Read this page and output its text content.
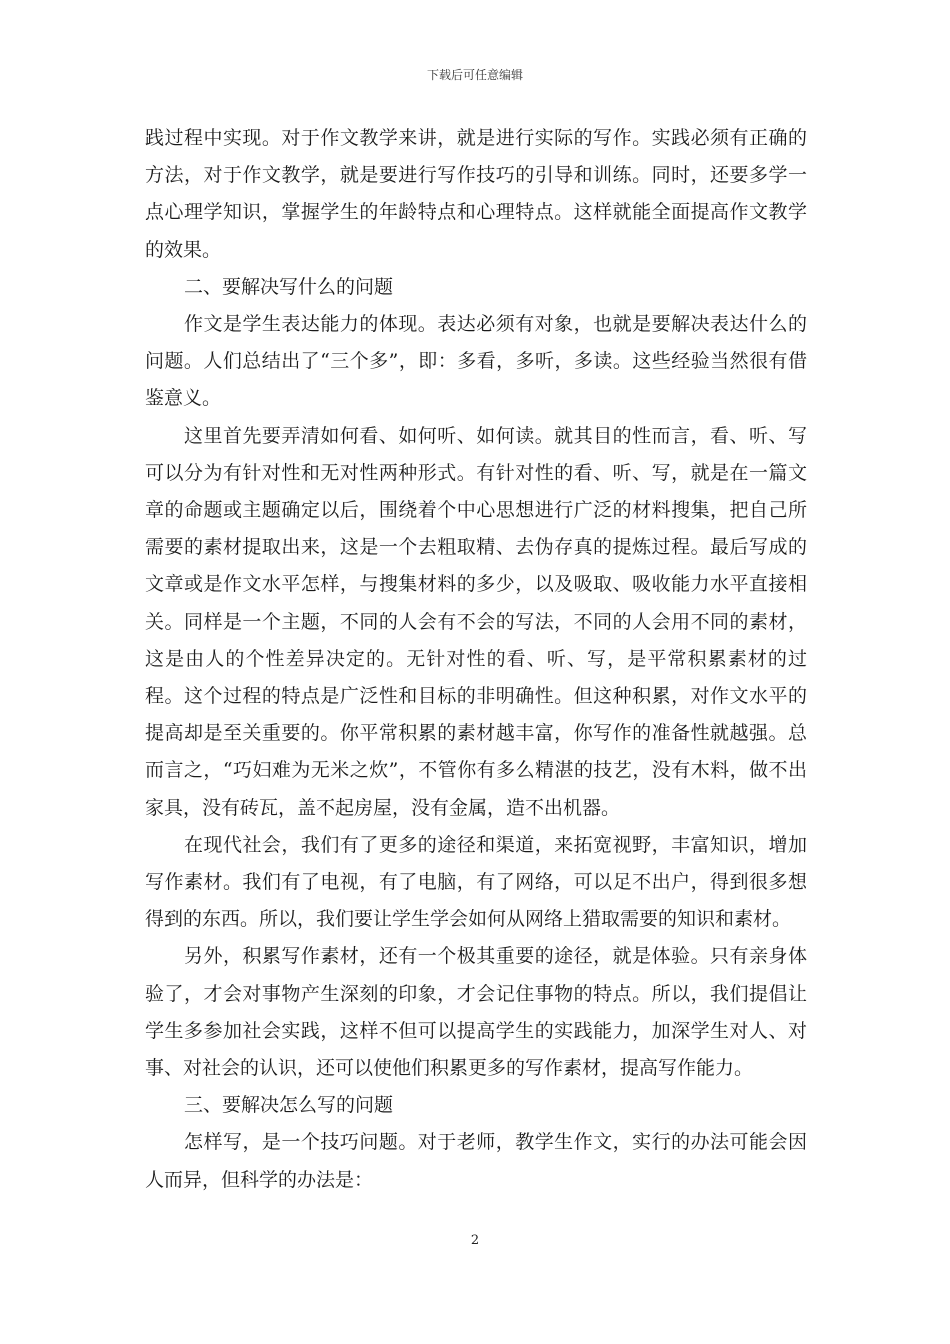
下载后可任意编辑

践过程中实现。对于作文教学来讲，就是进行实际的写作。实践必须有正确的方法，对于作文教学，就是要进行写作技巧的引导和训练。同时，还要多学一点心理学知识，掌握学生的年龄特点和心理特点。这样就能全面提高作文教学的效果。

二、要解决写什么的问题

作文是学生表达能力的体现。表达必须有对象，也就是要解决表达什么的问题。人们总结出了“三个多”，即：多看，多听，多读。这些经验当然很有借鉴意义。

这里首先要弄清如何看、如何听、如何读。就其目的性而言，看、听、写可以分为有针对性和无对性两种形式。有针对性的看、听、写，就是在一篇文章的命题或主题确定以后，围绕着个中心思想进行广泛的材料搜集，把自己所需要的素材提取出来，这是一个去粗取精、去伪存真的提炼过程。最后写成的文章或是作文水平怎样，与搜集材料的多少，以及吸取、吸收能力水平直接相关。同样是一个主题，不同的人会有不会的写法，不同的人会用不同的素材，这是由人的个性差异决定的。无针对性的看、听、写，是平常积累素材的过程。这个过程的特点是广泛性和目标的非明确性。但这种积累，对作文水平的提高却是至关重要的。你平常积累的素材越丰富，你写作的准备性就越强。总而言之，“巧妇难为无米之炊”，不管你有多么精湛的技艺，没有木料，做不出家具，没有砖瓦，盖不起房屋，没有金属，造不出机器。

在现代社会，我们有了更多的途径和渠道，来拓宽视野，丰富知识，增加写作素材。我们有了电视，有了电脑，有了网络，可以足不出户，得到很多想得到的东西。所以，我们要让学生学会如何从网络上猎取需要的知识和素材。

另外，积累写作素材，还有一个极其重要的途径，就是体验。只有亲身体验了，才会对事物产生深刻的印象，才会记住事物的特点。所以，我们提倡让学生多参加社会实践，这样不但可以提高学生的实践能力，加深学生对人、对事、对社会的认识，还可以使他们积累更多的写作素材，提高写作能力。

三、要解决怎么写的问题

怎样写，是一个技巧问题。对于老师，教学生作文，实行的办法可能会因人而异，但科学的办法是：

2
